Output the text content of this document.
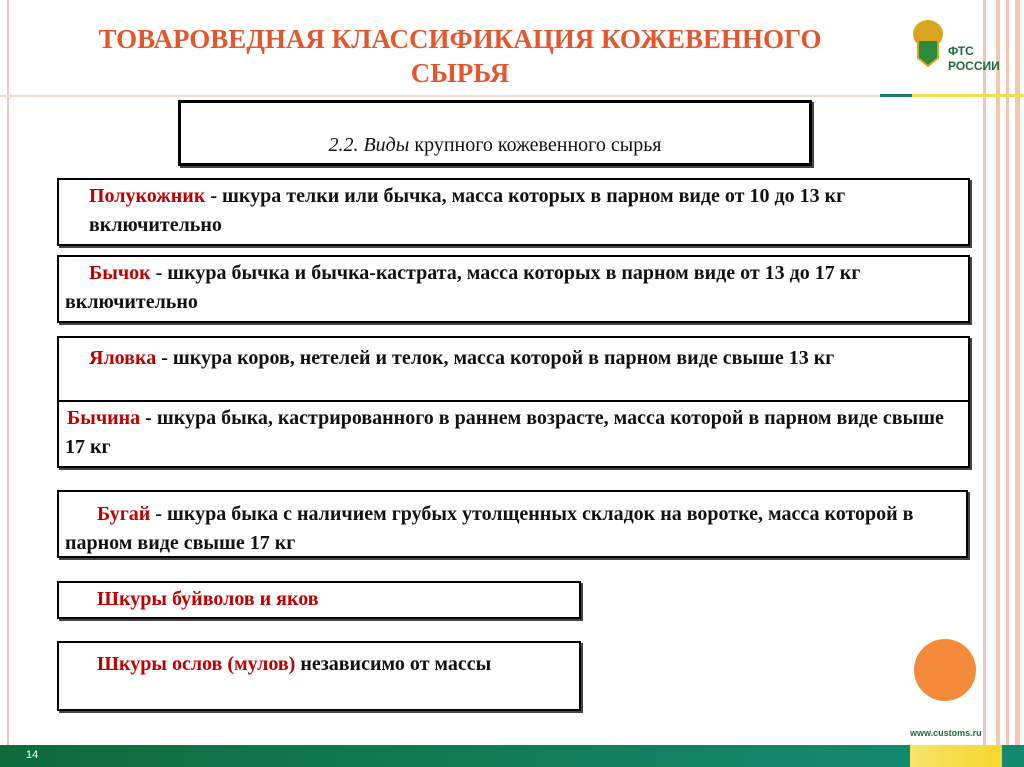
ТОВАРОВЕДНАЯ КЛАССИФИКАЦИЯ КОЖЕВЕННОГО СЫРЬЯ
ФТС
РОССИИ
2.2. Виды крупного кожевенного сырья
Полукожник - шкура телки или бычка, масса которых в парном виде от 10 до 13 кг включительно
Бычок - шкура бычка и бычка-кастрата, масса которых в парном виде от 13 до 17 кг включительно
Яловка - шкура коров, нетелей и телок, масса которой в парном виде свыше 13 кг
Бычина - шкура быка, кастрированного в раннем возрасте, масса которой в парном виде свыше 17 кг
Бугай - шкура быка с наличием грубых утолщенных складок на воротке, масса которой в парном виде свыше 17 кг
Шкуры буйволов и яков
Шкуры ослов (мулов) независимо от массы
www.customs.ru
14
